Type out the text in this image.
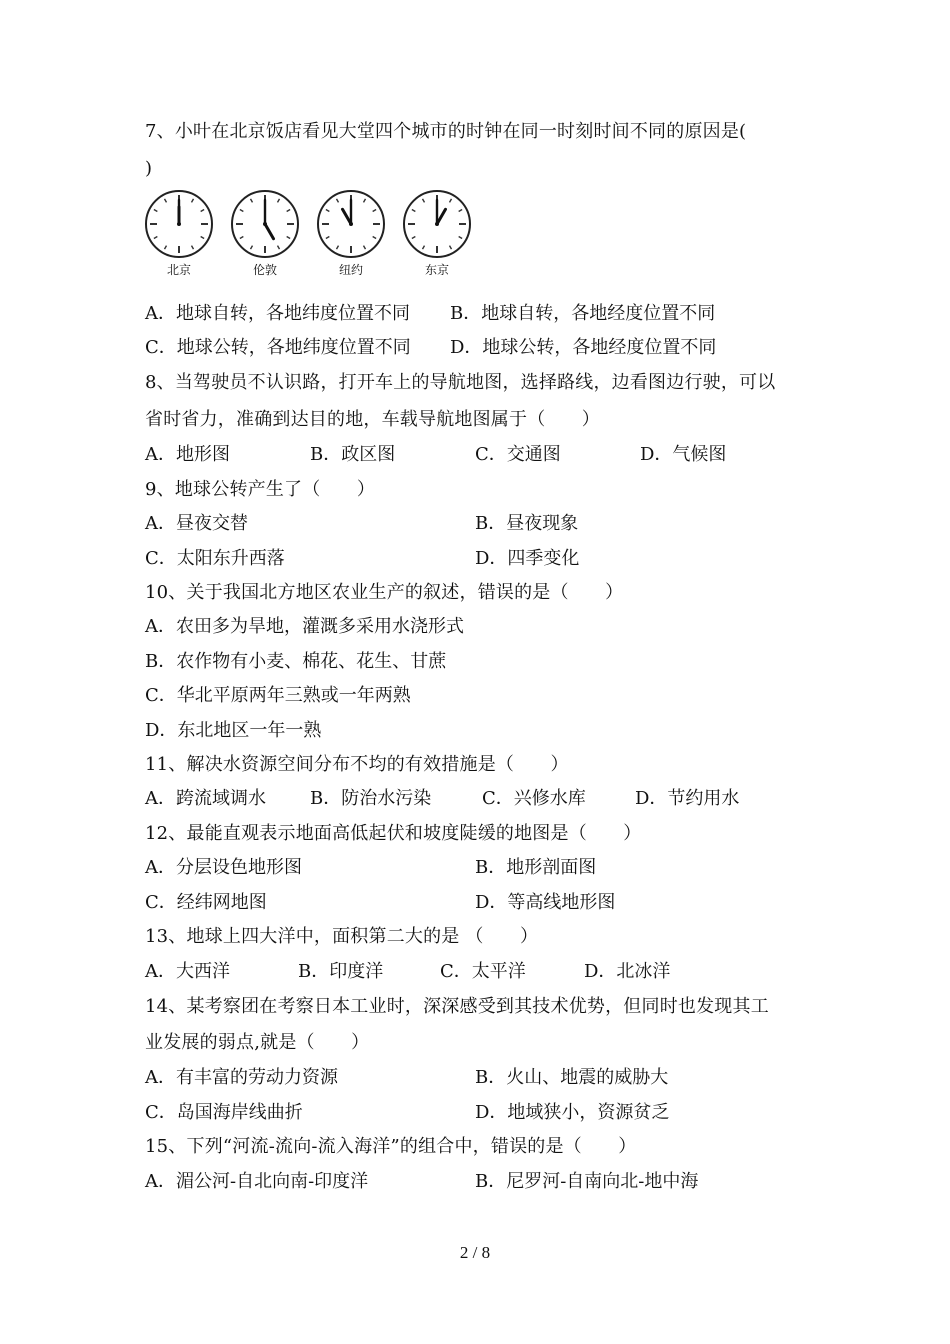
7、小叶在北京饭店看见大堂四个城市的时钟在同一时刻时间不同的原因是(
)
北京	伦敦	纽约	东京
A．地球自转，各地纬度位置不同 B．地球自转，各地经度位置不同
C．地球公转，各地纬度位置不同 D．地球公转，各地经度位置不同
8、当驾驶员不认识路，打开车上的导航地图，选择路线，边看图边行驶，可以
省时省力，准确到达目的地，车载导航地图属于（　　）
A．地形图	B．政区图	C．交通图	D．气候图
9、地球公转产生了（　　）
A．昼夜交替	B．昼夜现象
C．太阳东升西落	D．四季变化
10、关于我国北方地区农业生产的叙述，错误的是（　　）
A．农田多为旱地，灌溉多采用水浇形式
B．农作物有小麦、棉花、花生、甘蔗
C．华北平原两年三熟或一年两熟
D．东北地区一年一熟
11、解决水资源空间分布不均的有效措施是（　　）
A．跨流域调水 B．防治水污染	C．兴修水库	D．节约用水
12、最能直观表示地面高低起伏和坡度陡缓的地图是（　　）
A．分层设色地形图	B．地形剖面图
C．经纬网地图	D．等高线地形图
13、地球上四大洋中，面积第二大的是 （　　）
A．大西洋	B．印度洋	C．太平洋	D．北冰洋
14、某考察团在考察日本工业时，深深感受到其技术优势，但同时也发现其工
业发展的弱点,就是（　　）
A．有丰富的劳动力资源	B．火山、地震的威胁大
C．岛国海岸线曲折	D．地域狭小，资源贫乏
15、下列“河流-流向-流入海洋”的组合中，错误的是（　　）
A．湄公河-自北向南-印度洋	B．尼罗河-自南向北-地中海
2 / 8
